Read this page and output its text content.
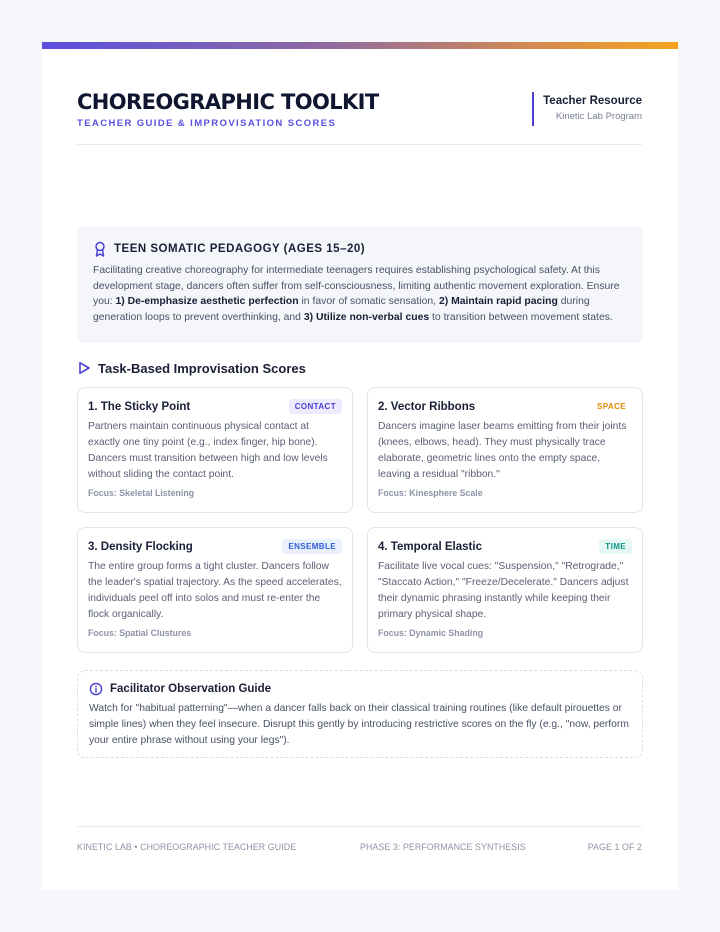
CHOREOGRAPHIC TOOLKIT
TEACHER GUIDE & IMPROVISATION SCORES
Teacher Resource
Kinetic Lab Program
TEEN SOMATIC PEDAGOGY (AGES 15–20)
Facilitating creative choreography for intermediate teenagers requires establishing psychological safety. At this development stage, dancers often suffer from self-consciousness, limiting authentic movement exploration. Ensure you: 1) De-emphasize aesthetic perfection in favor of somatic sensation, 2) Maintain rapid pacing during generation loops to prevent overthinking, and 3) Utilize non-verbal cues to transition between movement states.
Task-Based Improvisation Scores
1. The Sticky Point	CONTACT
Partners maintain continuous physical contact at exactly one tiny point (e.g., index finger, hip bone). Dancers must transition between high and low levels without sliding the contact point.
Focus: Skeletal Listening
2. Vector Ribbons	SPACE
Dancers imagine laser beams emitting from their joints (knees, elbows, head). They must physically trace elaborate, geometric lines onto the empty space, leaving a residual "ribbon."
Focus: Kinesphere Scale
3. Density Flocking	ENSEMBLE
The entire group forms a tight cluster. Dancers follow the leader's spatial trajectory. As the speed accelerates, individuals peel off into solos and must re-enter the flock organically.
Focus: Spatial Clustures
4. Temporal Elastic	TIME
Facilitate live vocal cues: "Suspension," "Retrograde," "Staccato Action," "Freeze/Decelerate." Dancers adjust their dynamic phrasing instantly while keeping their primary physical shape.
Focus: Dynamic Shading
Facilitator Observation Guide
Watch for "habitual patterning"—when a dancer falls back on their classical training routines (like default pirouettes or simple lines) when they feel insecure. Disrupt this gently by introducing restrictive scores on the fly (e.g., "now, perform your entire phrase without using your legs").
KINETIC LAB • CHOREOGRAPHIC TEACHER GUIDE	PHASE 3: PERFORMANCE SYNTHESIS	PAGE 1 OF 2
